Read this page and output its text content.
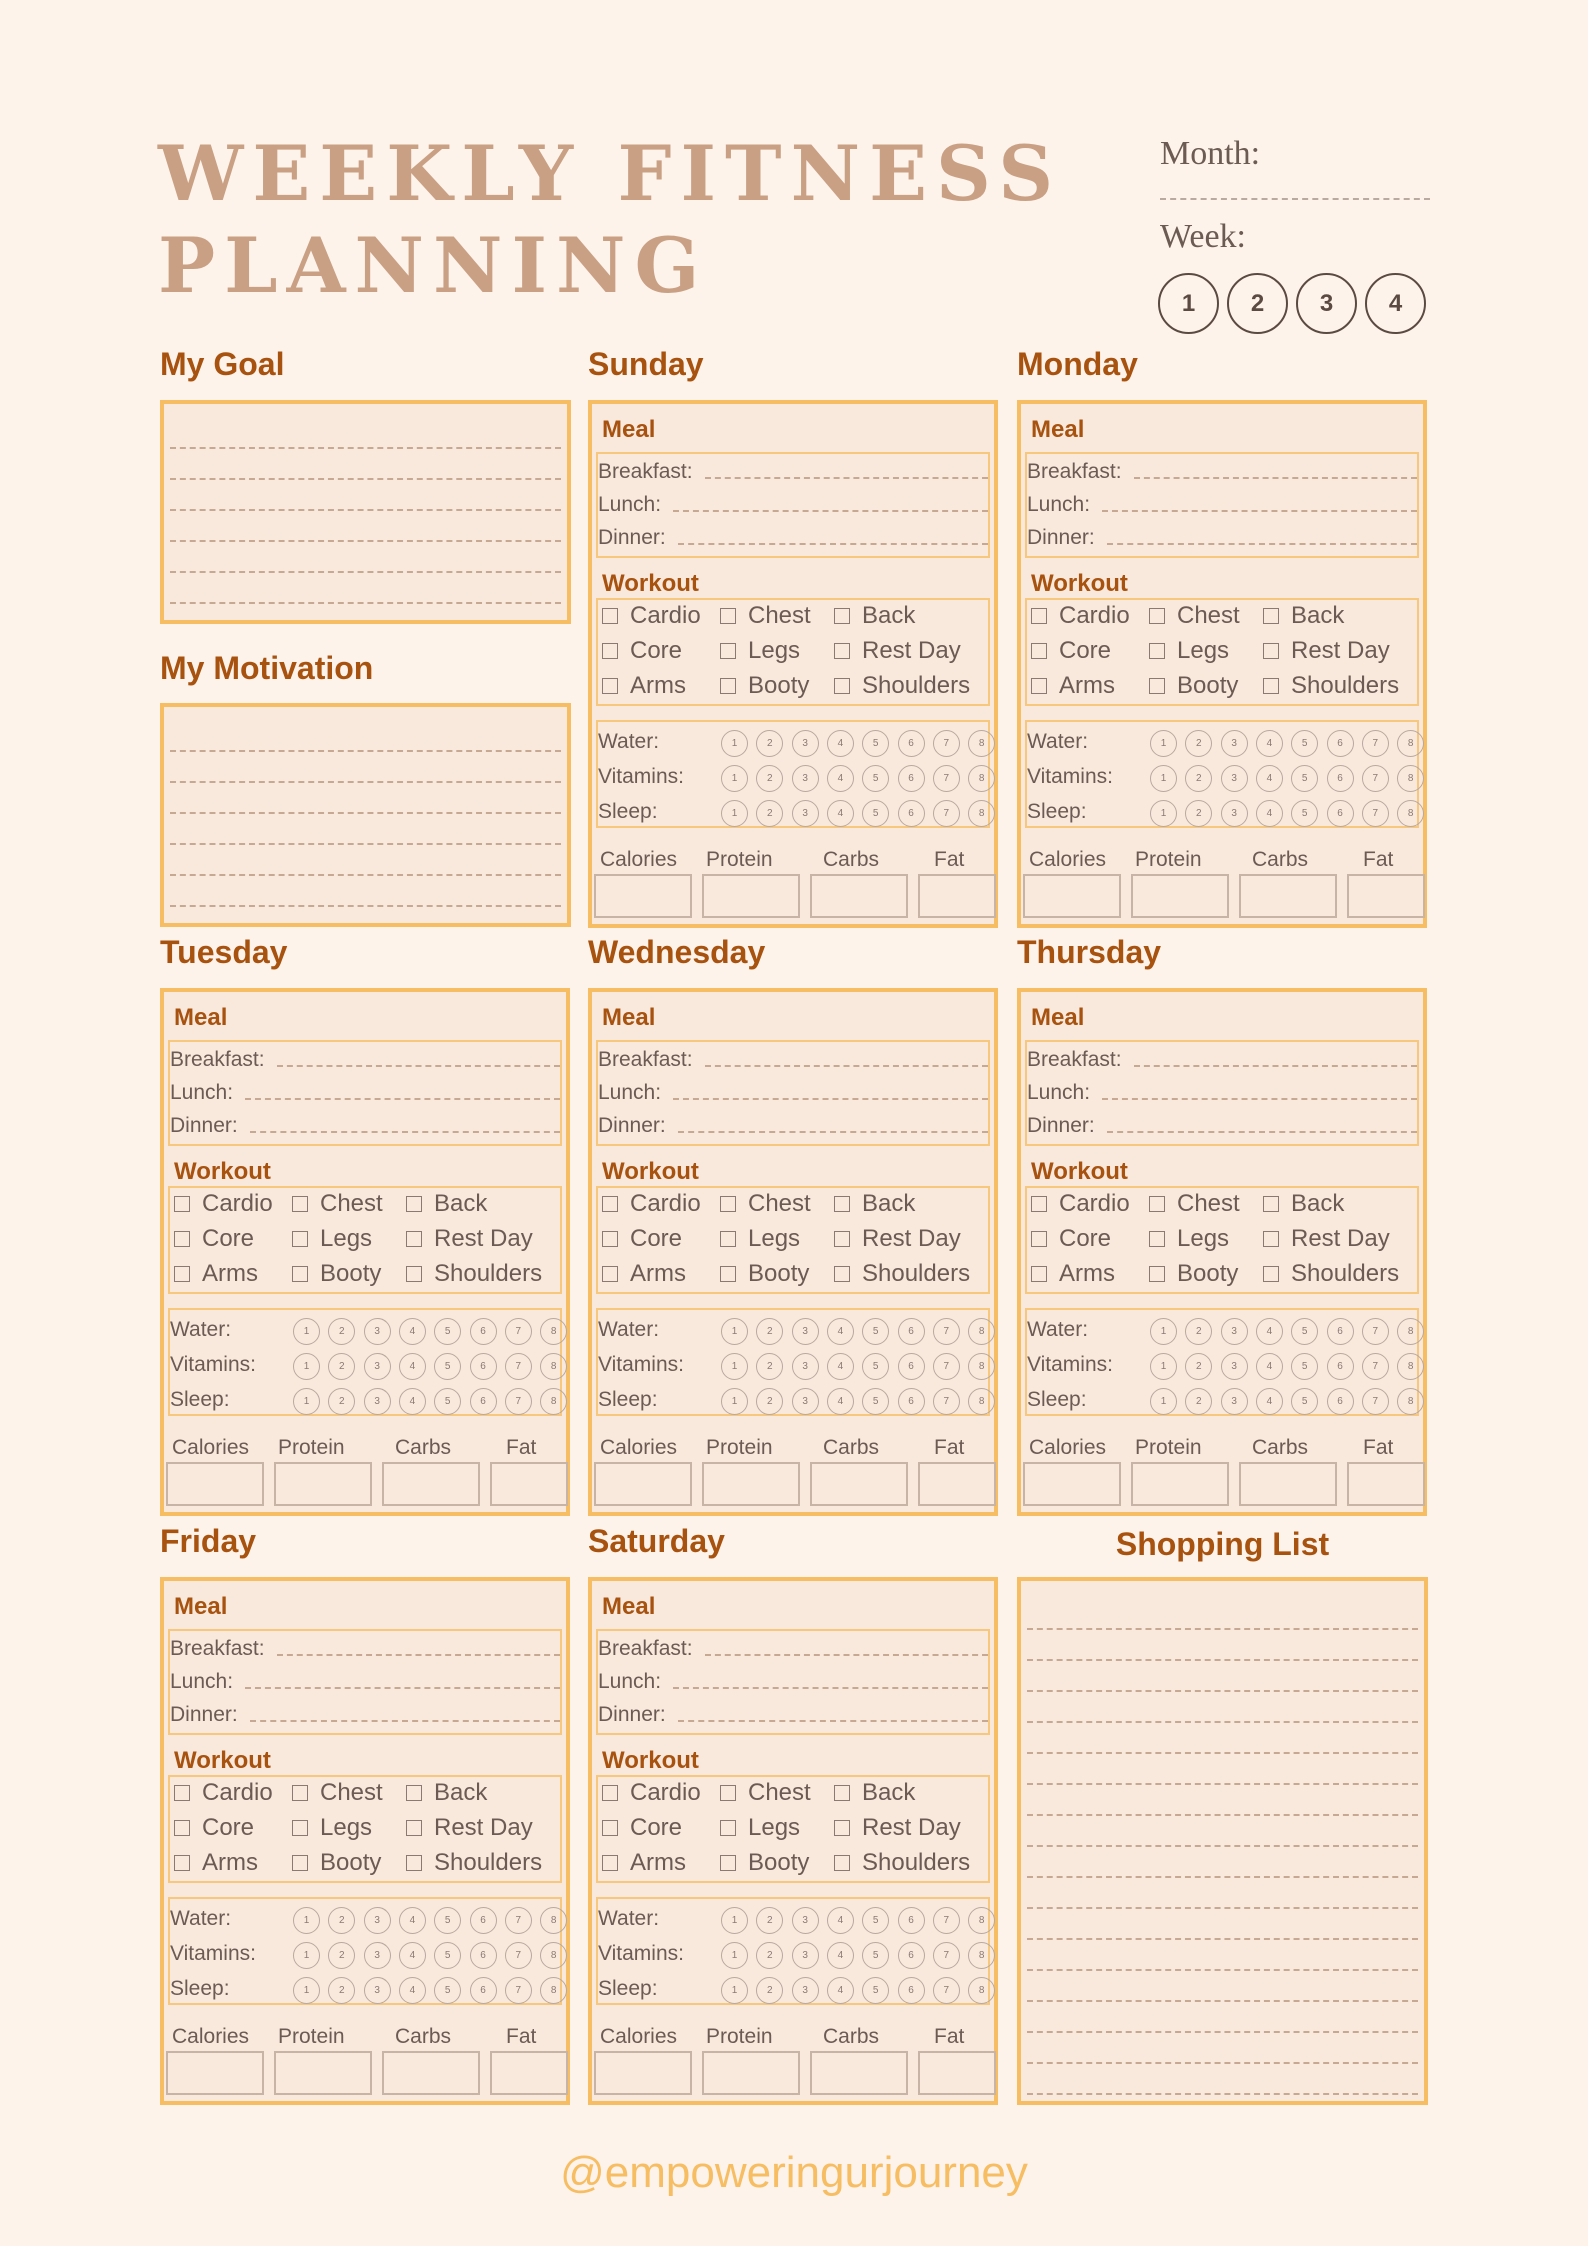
WEEKLY FITNESS
PLANNING
Month:
Week:
1	2	3	4
My Goal
My Motivation
Shopping List
Sunday
Meal
Breakfast:
Lunch:
Dinner:
Workout
Cardio Chest Back
Core	Legs	Rest Day
Arms	Booty Shoulders
Water:	1	2	3	4	5	6	7	8
Vitamins:	1	2	3	4	5	6	7	8
Sleep:	1	2	3	4	5	6	7	8
Calories Protein Carbs	Fat
Monday
Meal
Breakfast:
Lunch:
Dinner:
Workout
Cardio Chest Back
Core	Legs	Rest Day
Arms	Booty Shoulders
Water:	1	2	3	4	5	6	7	8
Vitamins:	1	2	3	4	5	6	7	8
Sleep:	1	2	3	4	5	6	7	8
Calories Protein Carbs	Fat
Tuesday
Meal
Breakfast:
Lunch:
Dinner:
Workout
Cardio Chest Back
Core	Legs	Rest Day
Arms	Booty Shoulders
Water:	1	2	3	4	5	6	7	8
Vitamins:	1	2	3	4	5	6	7	8
Sleep:	1	2	3	4	5	6	7	8
Calories Protein Carbs	Fat
Wednesday
Meal
Breakfast:
Lunch:
Dinner:
Workout
Cardio Chest Back
Core	Legs	Rest Day
Arms	Booty Shoulders
Water:	1	2	3	4	5	6	7	8
Vitamins:	1	2	3	4	5	6	7	8
Sleep:	1	2	3	4	5	6	7	8
Calories Protein Carbs	Fat
Thursday
Meal
Breakfast:
Lunch:
Dinner:
Workout
Cardio Chest Back
Core	Legs	Rest Day
Arms	Booty Shoulders
Water:	1	2	3	4	5	6	7	8
Vitamins:	1	2	3	4	5	6	7	8
Sleep:	1	2	3	4	5	6	7	8
Calories Protein Carbs	Fat
Friday
Meal
Breakfast:
Lunch:
Dinner:
Workout
Cardio Chest Back
Core	Legs	Rest Day
Arms	Booty Shoulders
Water:	1	2	3	4	5	6	7	8
Vitamins:	1	2	3	4	5	6	7	8
Sleep:	1	2	3	4	5	6	7	8
Calories Protein Carbs	Fat
Saturday
Meal
Breakfast:
Lunch:
Dinner:
Workout
Cardio Chest Back
Core	Legs	Rest Day
Arms	Booty Shoulders
Water:	1	2	3	4	5	6	7	8
Vitamins:	1	2	3	4	5	6	7	8
Sleep:	1	2	3	4	5	6	7	8
Calories Protein Carbs	Fat
@empoweringurjourney
